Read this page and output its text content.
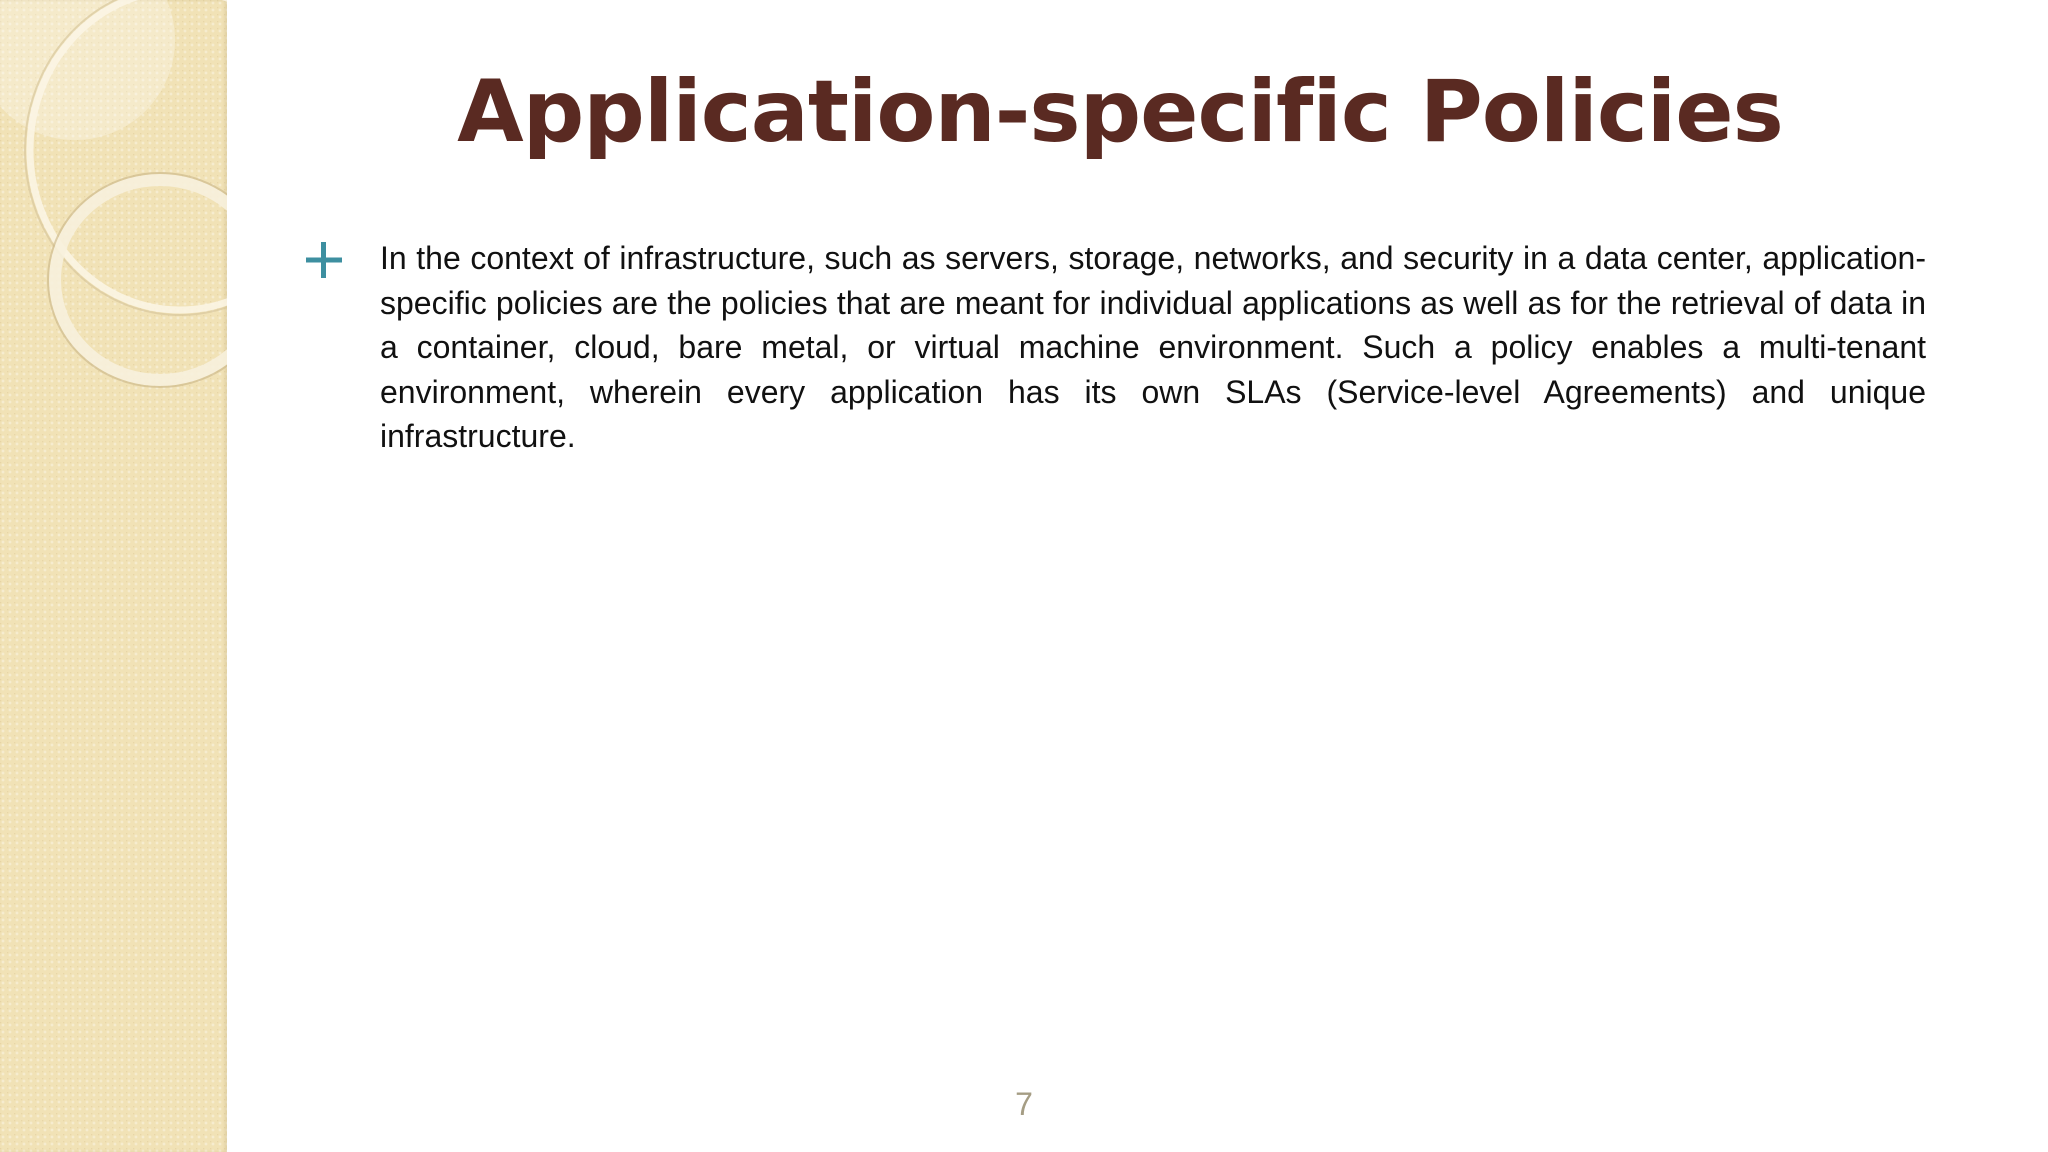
Application-specific Policies

In the context of infrastructure, such as servers, storage, networks, and security in a data center, application-specific policies are the policies that are meant for individual applications as well as for the retrieval of data in a container, cloud, bare metal, or virtual machine environment. Such a policy enables a multi-tenant environment, wherein every application has its own SLAs (Service-level Agreements) and unique infrastructure.

7
